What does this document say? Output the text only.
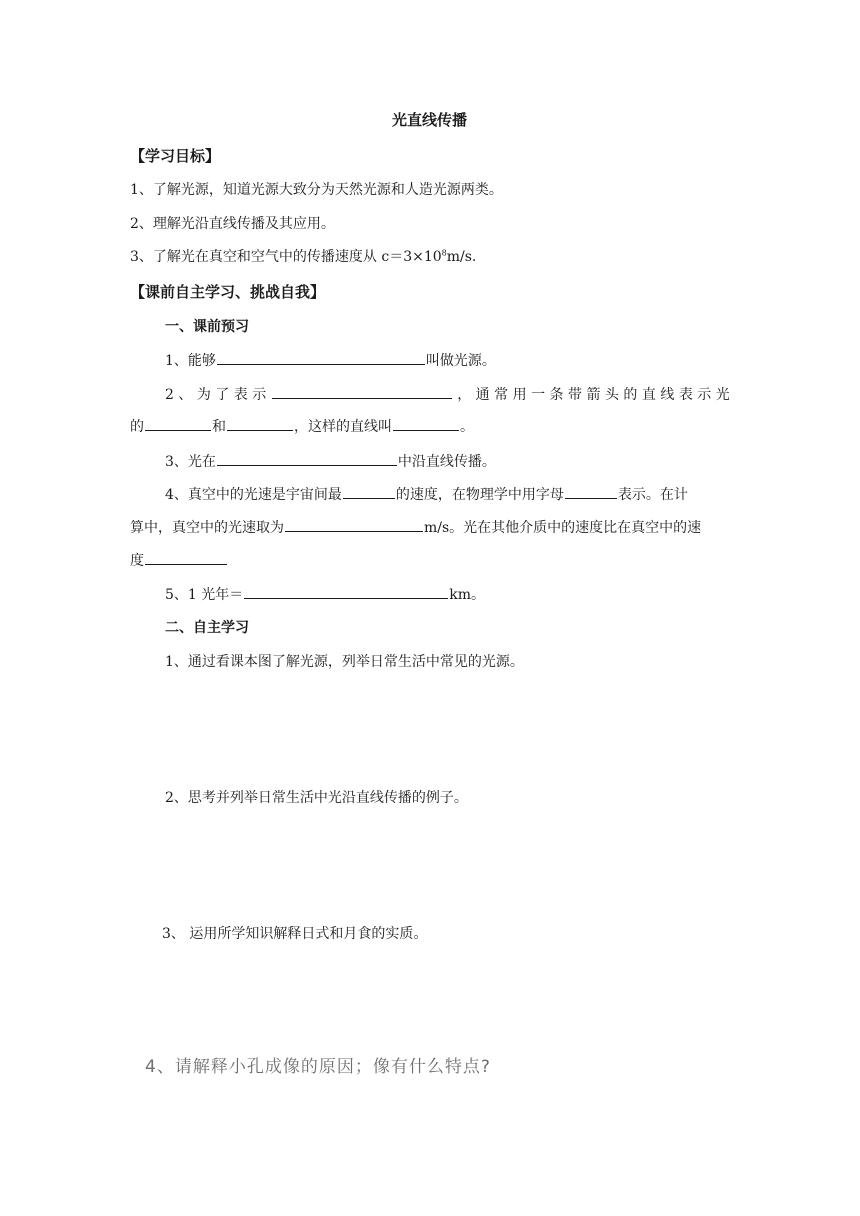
光直线传播
【学习目标】
1、了解光源，知道光源大致分为天然光源和人造光源两类。
2、理解光沿直线传播及其应用。
3、了解光在真空和空气中的传播速度从 $c=3\times 10^8m/s$.
【课前自主学习、挑战自我】
一、课前预习
1、能够	叫做光源。
2 、 为 了 表 示	， 通 常 用 一 条 带 箭 头 的 直 线 表 示 光
的	和	，这样的直线叫	。
3、光在	中沿直线传播。
4、真空中的光速是宇宙间最	的速度，在物理学中用字母	表示。在计
算中，真空中的光速取为	m/s。光在其他介质中的速度比在真空中的速
度
5、1 光年＝	km。
二、自主学习
1、通过看课本图了解光源，列举日常生活中常见的光源。
2、思考并列举日常生活中光沿直线传播的例子。
3、 运用所学知识解释日式和月食的实质。
4、请解释小孔成像的原因；像有什么特点?
